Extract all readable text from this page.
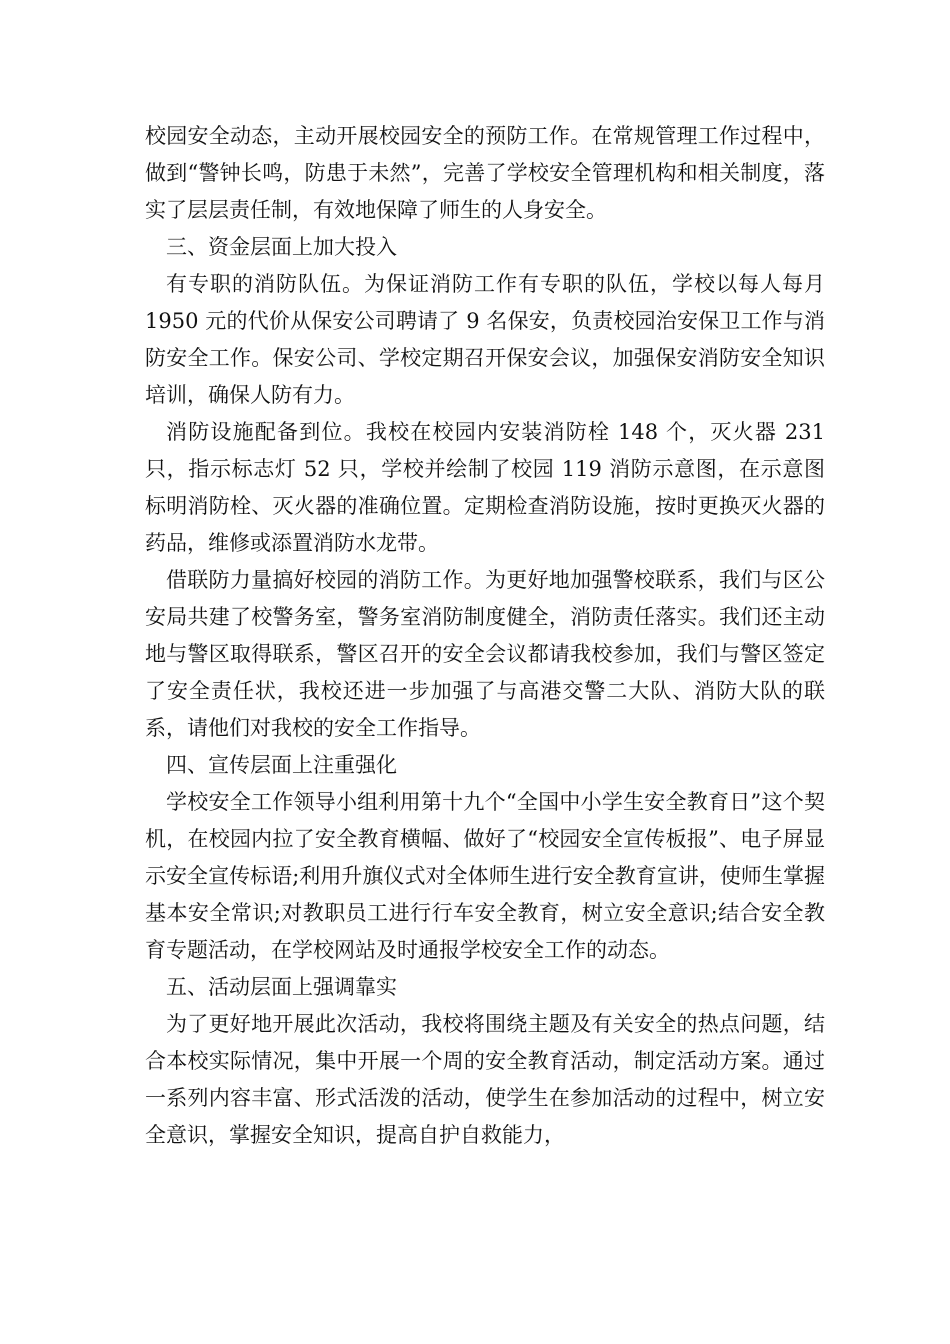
校园安全动态，主动开展校园安全的预防工作。在常规管理工作过程中，做到“警钟长鸣，防患于未然”，完善了学校安全管理机构和相关制度，落实了层层责任制，有效地保障了师生的人身安全。

三、资金层面上加大投入

有专职的消防队伍。为保证消防工作有专职的队伍，学校以每人每月 1950 元的代价从保安公司聘请了 9 名保安，负责校园治安保卫工作与消防安全工作。保安公司、学校定期召开保安会议，加强保安消防安全知识培训，确保人防有力。

消防设施配备到位。我校在校园内安装消防栓 148 个，灭火器 231 只，指示标志灯 52 只，学校并绘制了校园 119 消防示意图，在示意图标明消防栓、灭火器的准确位置。定期检查消防设施，按时更换灭火器的药品，维修或添置消防水龙带。

借联防力量搞好校园的消防工作。为更好地加强警校联系，我们与区公安局共建了校警务室，警务室消防制度健全，消防责任落实。我们还主动地与警区取得联系，警区召开的安全会议都请我校参加，我们与警区签定了安全责任状，我校还进一步加强了与高港交警二大队、消防大队的联系，请他们对我校的安全工作指导。

四、宣传层面上注重强化

学校安全工作领导小组利用第十九个“全国中小学生安全教育日”这个契机，在校园内拉了安全教育横幅、做好了“校园安全宣传板报”、电子屏显示安全宣传标语;利用升旗仪式对全体师生进行安全教育宣讲，使师生掌握基本安全常识;对教职员工进行行车安全教育，树立安全意识;结合安全教育专题活动，在学校网站及时通报学校安全工作的动态。

五、活动层面上强调靠实

为了更好地开展此次活动，我校将围绕主题及有关安全的热点问题，结合本校实际情况，集中开展一个周的安全教育活动，制定活动方案。通过一系列内容丰富、形式活泼的活动，使学生在参加活动的过程中，树立安全意识，掌握安全知识，提高自护自救能力，
